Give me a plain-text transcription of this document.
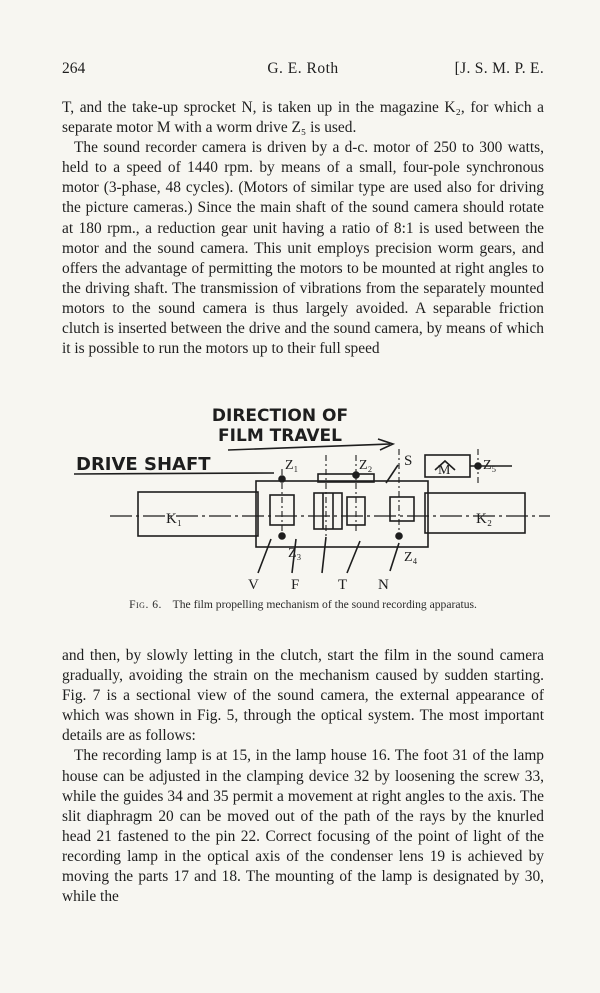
264	G. E. Roth	[J. S. M. P. E.

T, and the take-up sprocket N, is taken up in the magazine K₂, for which a separate motor M with a worm drive Z₅ is used.

The sound recorder camera is driven by a d-c. motor of 250 to 300 watts, held to a speed of 1440 rpm. by means of a small, four-pole synchronous motor (3-phase, 48 cycles). (Motors of similar type are used also for driving the picture cameras.) Since the main shaft of the sound camera should rotate at 180 rpm., a reduction gear unit having a ratio of 8:1 is used between the motor and the sound camera. This unit employs precision worm gears, and offers the advantage of permitting the motors to be mounted at right angles to the driving shaft. The transmission of vibrations from the separately mounted motors to the sound camera is thus largely avoided. A separable friction clutch is inserted between the drive and the sound camera, by means of which it is possible to run the motors up to their full speed

DIRECTION OF
FILM TRAVEL
DRIVE SHAFT	Z₁	Z₂ S
M Z₅
K₁	K₂
Z₃	Z₄
V F	T N
Fig. 6. The film propelling mechanism of the sound recording apparatus.

and then, by slowly letting in the clutch, start the film in the sound camera gradually, avoiding the strain on the mechanism caused by sudden starting. Fig. 7 is a sectional view of the sound camera, the external appearance of which was shown in Fig. 5, through the optical system. The most important details are as follows:

The recording lamp is at 15, in the lamp house 16. The foot 31 of the lamp house can be adjusted in the clamping device 32 by loosening the screw 33, while the guides 34 and 35 permit a movement at right angles to the axis. The slit diaphragm 20 can be moved out of the path of the rays by the knurled head 21 fastened to the pin 22. Correct focusing of the point of light of the recording lamp in the optical axis of the condenser lens 19 is achieved by moving the parts 17 and 18. The mounting of the lamp is designated by 30, while the
